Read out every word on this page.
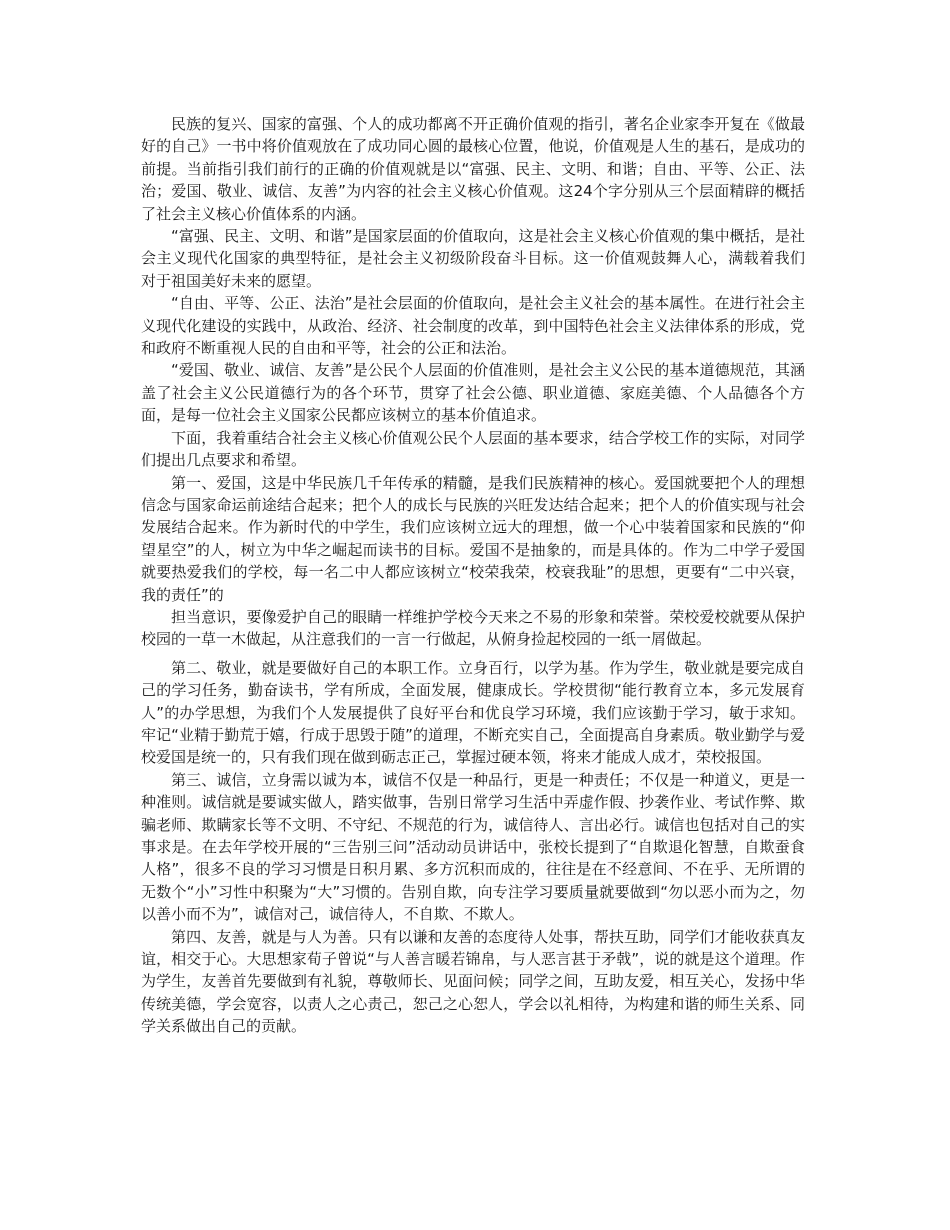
民族的复兴、国家的富强、个人的成功都离不开正确价值观的指引，著名企业家李开复在《做最好的自己》一书中将价值观放在了成功同心圆的最核心位置，他说，价值观是人生的基石，是成功的前提。当前指引我们前行的正确的价值观就是以“富强、民主、文明、和谐；自由、平等、公正、法治；爱国、敬业、诚信、友善”为内容的社会主义核心价值观。这24个字分别从三个层面精辟的概括了社会主义核心价值体系的内涵。

“富强、民主、文明、和谐”是国家层面的价值取向，这是社会主义核心价值观的集中概括，是社会主义现代化国家的典型特征，是社会主义初级阶段奋斗目标。这一价值观鼓舞人心，满载着我们 对于祖国美好未来的愿望。

“自由、平等、公正、法治”是社会层面的价值取向，是社会主义社会的基本属性。在进行社会主义现代化建设的实践中，从政治、经济、社会制度的改革，到中国特色社会主义法律体系的形成，党和政府不断重视人民的自由和平等，社会的公正和法治。

“爱国、敬业、诚信、友善”是公民个人层面的价值准则，是社会主义公民的基本道德规范，其涵盖了社会主义公民道德行为的各个环节，贯穿了社会公德、职业道德、家庭美德、个人品德各个方面，是每一位社会主义国家公民都应该树立的基本价值追求。

下面，我着重结合社会主义核心价值观公民个人层面的基本要求，结合学校工作的实际，对同学们提出几点要求和希望。

第一、爱国，这是中华民族几千年传承的精髓，是我们民族精神的核心。爱国就要把个人的理想信念与国家命运前途结合起来；把个人的成长与民族的兴旺发达结合起来；把个人的价值实现与社会发展结合起来。作为新时代的中学生，我们应该树立远大的理想，做一个心中装着国家和民族的“仰望星空”的人，树立为中华之崛起而读书的目标。爱国不是抽象的，而是具体的。作为二中学子爱国就要热爱我们的学校，每一名二中人都应该树立“校荣我荣，校衰我耻”的思想，更要有“二中兴衰，我的责任”的

担当意识，要像爱护自己的眼睛一样维护学校今天来之不易的形象和荣誉。荣校爱校就要从保护校园的一草一木做起，从注意我们的一言一行做起，从俯身捡起校园的一纸一屑做起。

第二、敬业，就是要做好自己的本职工作。立身百行，以学为基。作为学生，敬业就是要完成自己的学习任务，勤奋读书，学有所成，全面发展，健康成长。学校贯彻“能行教育立本，多元发展育人”的办学思想，为我们个人发展提供了良好平台和优良学习环境，我们应该勤于学习，敏于求知。牢记“业精于勤荒于嬉，行成于思毁于随”的道理，不断充实自己，全面提高自身素质。敬业勤学与爱校爱国是统一的，只有我们现在做到砺志正己，掌握过硬本领，将来才能成人成才，荣校报国。

第三、诚信，立身需以诚为本，诚信不仅是一种品行，更是一种责任；不仅是一种道义，更是一种准则。诚信就是要诚实做人，踏实做事，告别日常学习生活中弄虚作假、抄袭作业、考试作弊、欺骗老师、欺瞒家长等不文明、不守纪、不规范的行为，诚信待人、言出必行。诚信也包括对自己的实事求是。在去年学校开展的“三告别三问”活动动员讲话中，张校长提到了“自欺退化智慧，自欺蚕食人格”，很多不良的学习习惯是日积月累、多方沉积而成的，往往是在不经意间、不在乎、无所谓的无数个“小”习性中积聚为“大”习惯的。告别自欺，向专注学习要质量就要做到“勿以恶小而为之，勿以善小而不为”，诚信对己，诚信待人，不自欺、不欺人。

第四、友善，就是与人为善。只有以谦和友善的态度待人处事，帮扶互助，同学们才能收获真友谊，相交于心。大思想家荀子曾说“与人善言暖若锦帛，与人恶言甚于矛戟”，说的就是这个道理。作为学生，友善首先要做到有礼貌，尊敬师长、见面问候；同学之间，互助友爱，相互关心，发扬中华传统美德，学会宽容，以责人之心责己，恕己之心恕人，学会以礼相待，为构建和谐的师生关系、同学关系做出自己的贡献。
